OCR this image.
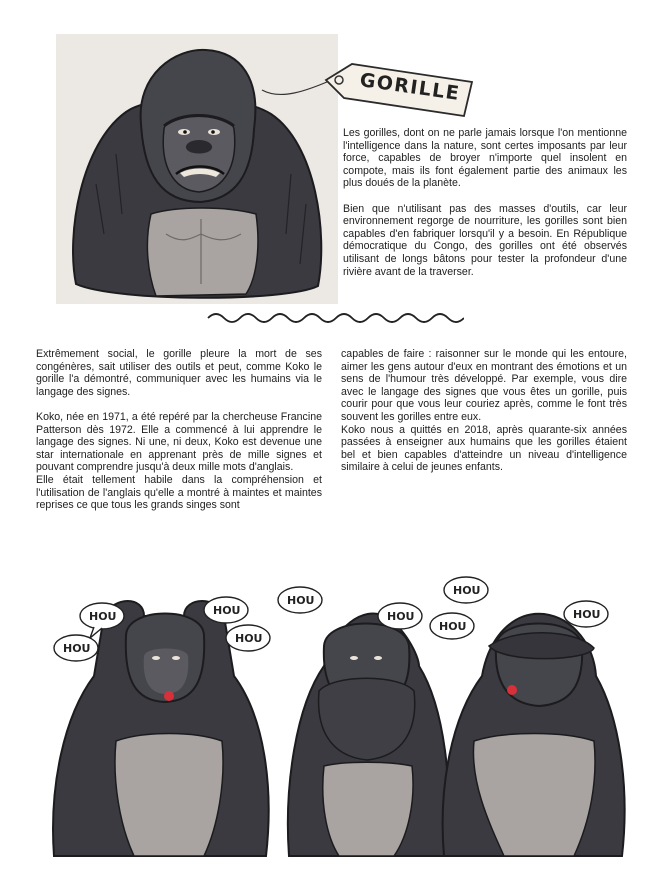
GORILLE

Les gorilles, dont on ne parle jamais lorsque l'on mentionne l'intelligence dans la nature, sont certes imposants par leur force, capables de broyer n'importe quel insolent en compote, mais ils font également partie des animaux les plus doués de la planète.

Bien que n'utilisant pas des masses d'outils, car leur environnement regorge de nourriture, les gorilles sont bien capables d'en fabriquer lorsqu'il y a besoin. En République démocratique du Congo, des gorilles ont été observés utilisant de longs bâtons pour tester la profondeur d'une rivière avant de la traverser.

Extrêmement social, le gorille pleure la mort de ses congénères, sait utiliser des outils et peut, comme Koko le gorille l'a démontré, communiquer avec les humains via le langage des signes.

Koko, née en 1971, a été repéré par la chercheuse Francine Patterson dès 1972. Elle a commencé à lui apprendre le langage des signes. Ni une, ni deux, Koko est devenue une star internationale en apprenant près de mille signes et pouvant comprendre jusqu'à deux mille mots d'anglais.

Elle était tellement habile dans la compréhension et l'utilisation de l'anglais qu'elle a montré à maintes et maintes reprises ce que tous les grands singes sont

capables de faire : raisonner sur le monde qui les entoure, aimer les gens autour d'eux en montrant des émotions et un sens de l'humour très développé. Par exemple, vous dire avec le langage des signes que vous êtes un gorille, puis courir pour que vous leur couriez après, comme le font très souvent les gorilles entre eux.

Koko nous a quittés en 2018, après quarante-six années passées à enseigner aux humains que les gorilles étaient bel et bien capables d'atteindre un niveau d'intelligence similaire à celui de jeunes enfants.

HOU
HOU
HOU
HOU
HOU
HOU
HOU
HOU
HOU
